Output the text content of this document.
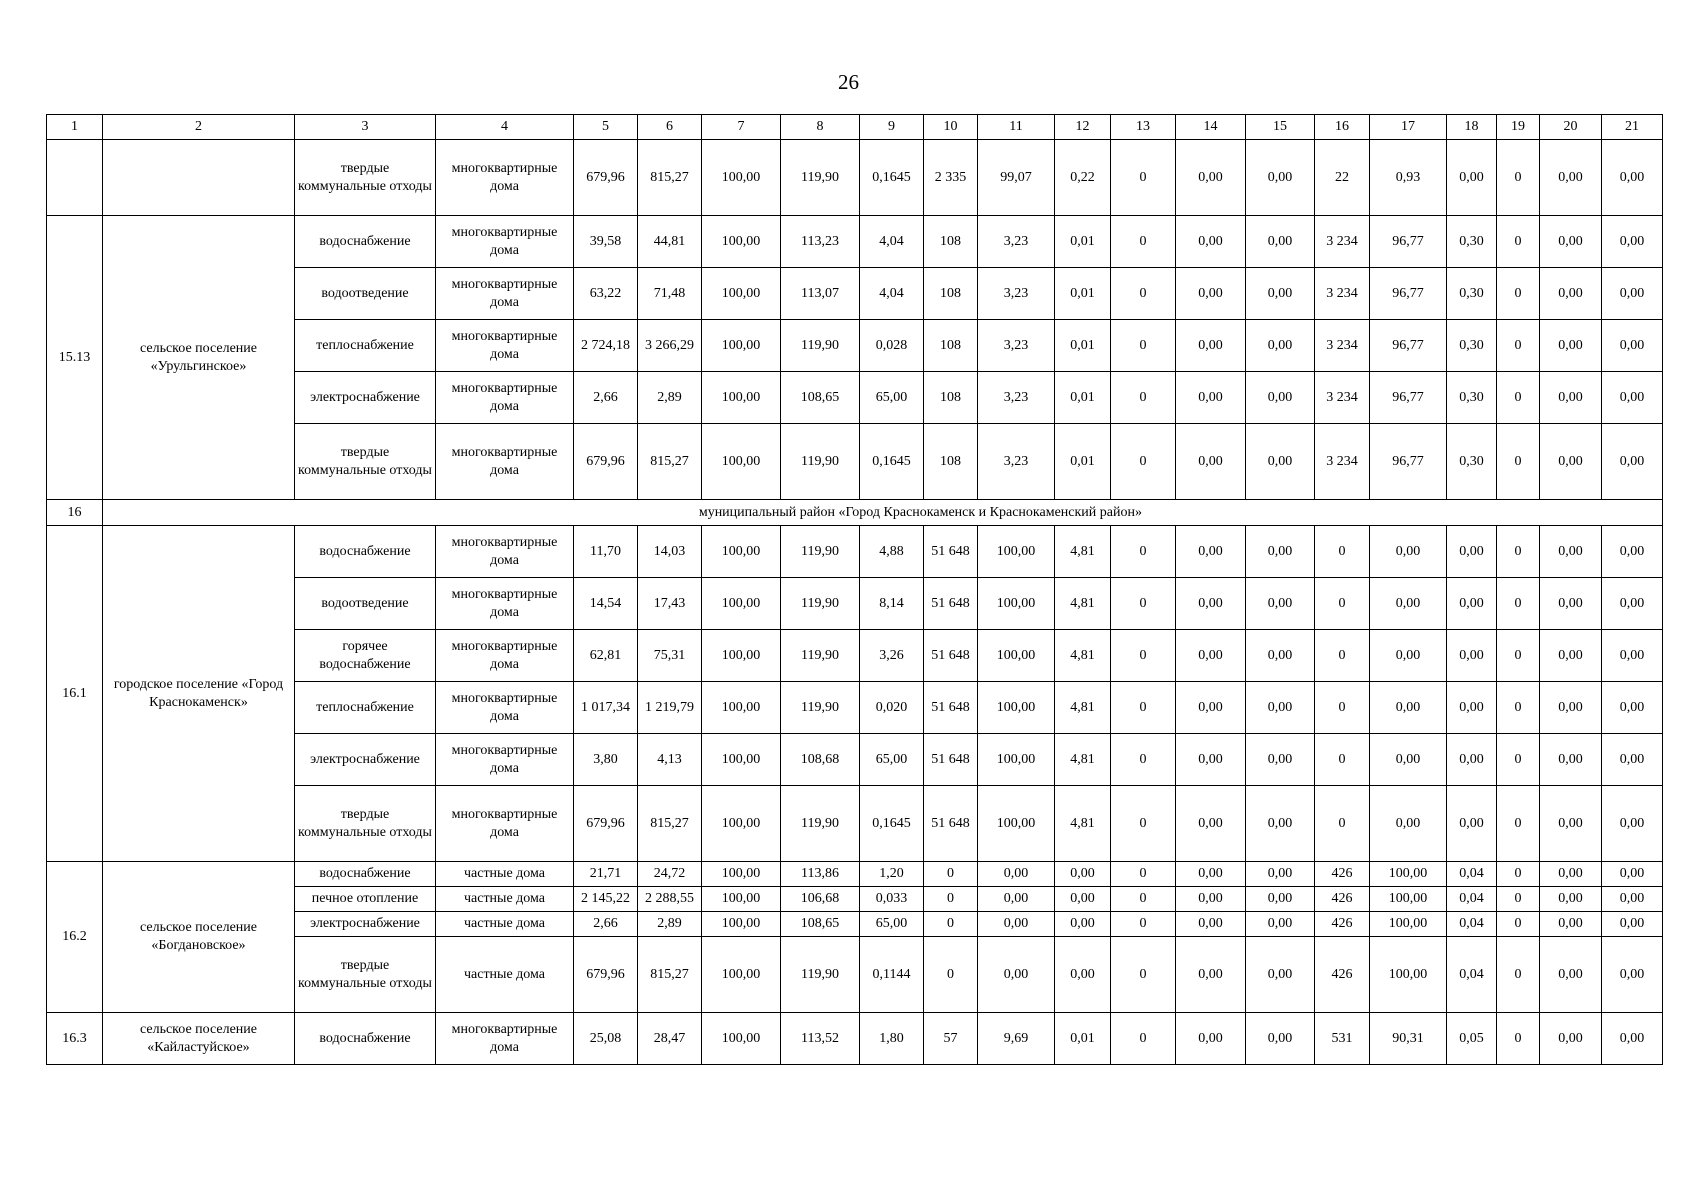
26
1	2	3	4	5	6	7	8	9	10	11	12	13	14	15	16	17	18	19	20	21
		твердые коммунальные отходы	многоквартирные дома	679,96	815,27	100,00	119,90	0,1645	2 335	99,07	0,22	0	0,00	0,00	22	0,93	0,00	0	0,00	0,00
15.13	сельское поселение «Урульгинское»	водоснабжение	многоквартирные дома	39,58	44,81	100,00	113,23	4,04	108	3,23	0,01	0	0,00	0,00	3 234	96,77	0,30	0	0,00	0,00
		водоотведение	многоквартирные дома	63,22	71,48	100,00	113,07	4,04	108	3,23	0,01	0	0,00	0,00	3 234	96,77	0,30	0	0,00	0,00
		теплоснабжение	многоквартирные дома	2 724,18	3 266,29	100,00	119,90	0,028	108	3,23	0,01	0	0,00	0,00	3 234	96,77	0,30	0	0,00	0,00
		электроснабжение	многоквартирные дома	2,66	2,89	100,00	108,65	65,00	108	3,23	0,01	0	0,00	0,00	3 234	96,77	0,30	0	0,00	0,00
		твердые коммунальные отходы	многоквартирные дома	679,96	815,27	100,00	119,90	0,1645	108	3,23	0,01	0	0,00	0,00	3 234	96,77	0,30	0	0,00	0,00
16	муниципальный район «Город Краснокаменск и Краснокаменский район»																			
16.1	городское поселение «Город Краснокаменск»	водоснабжение	многоквартирные дома	11,70	14,03	100,00	119,90	4,88	51 648	100,00	4,81	0	0,00	0,00	0	0,00	0,00	0	0,00	0,00
		водоотведение	многоквартирные дома	14,54	17,43	100,00	119,90	8,14	51 648	100,00	4,81	0	0,00	0,00	0	0,00	0,00	0	0,00	0,00
		горячее водоснабжение	многоквартирные дома	62,81	75,31	100,00	119,90	3,26	51 648	100,00	4,81	0	0,00	0,00	0	0,00	0,00	0	0,00	0,00
		теплоснабжение	многоквартирные дома	1 017,34	1 219,79	100,00	119,90	0,020	51 648	100,00	4,81	0	0,00	0,00	0	0,00	0,00	0	0,00	0,00
		электроснабжение	многоквартирные дома	3,80	4,13	100,00	108,68	65,00	51 648	100,00	4,81	0	0,00	0,00	0	0,00	0,00	0	0,00	0,00
		твердые коммунальные отходы	многоквартирные дома	679,96	815,27	100,00	119,90	0,1645	51 648	100,00	4,81	0	0,00	0,00	0	0,00	0,00	0	0,00	0,00
16.2	сельское поселение «Богдановское»	водоснабжение	частные дома	21,71	24,72	100,00	113,86	1,20	0	0,00	0,00	0	0,00	0,00	426	100,00	0,04	0	0,00	0,00
		печное отопление	частные дома	2 145,22	2 288,55	100,00	106,68	0,033	0	0,00	0,00	0	0,00	0,00	426	100,00	0,04	0	0,00	0,00
		электроснабжение	частные дома	2,66	2,89	100,00	108,65	65,00	0	0,00	0,00	0	0,00	0,00	426	100,00	0,04	0	0,00	0,00
		твердые коммунальные отходы	частные дома	679,96	815,27	100,00	119,90	0,1144	0	0,00	0,00	0	0,00	0,00	426	100,00	0,04	0	0,00	0,00
16.3	сельское поселение «Кайластуйское»	водоснабжение	многоквартирные дома	25,08	28,47	100,00	113,52	1,80	57	9,69	0,01	0	0,00	0,00	531	90,31	0,05	0	0,00	0,00
